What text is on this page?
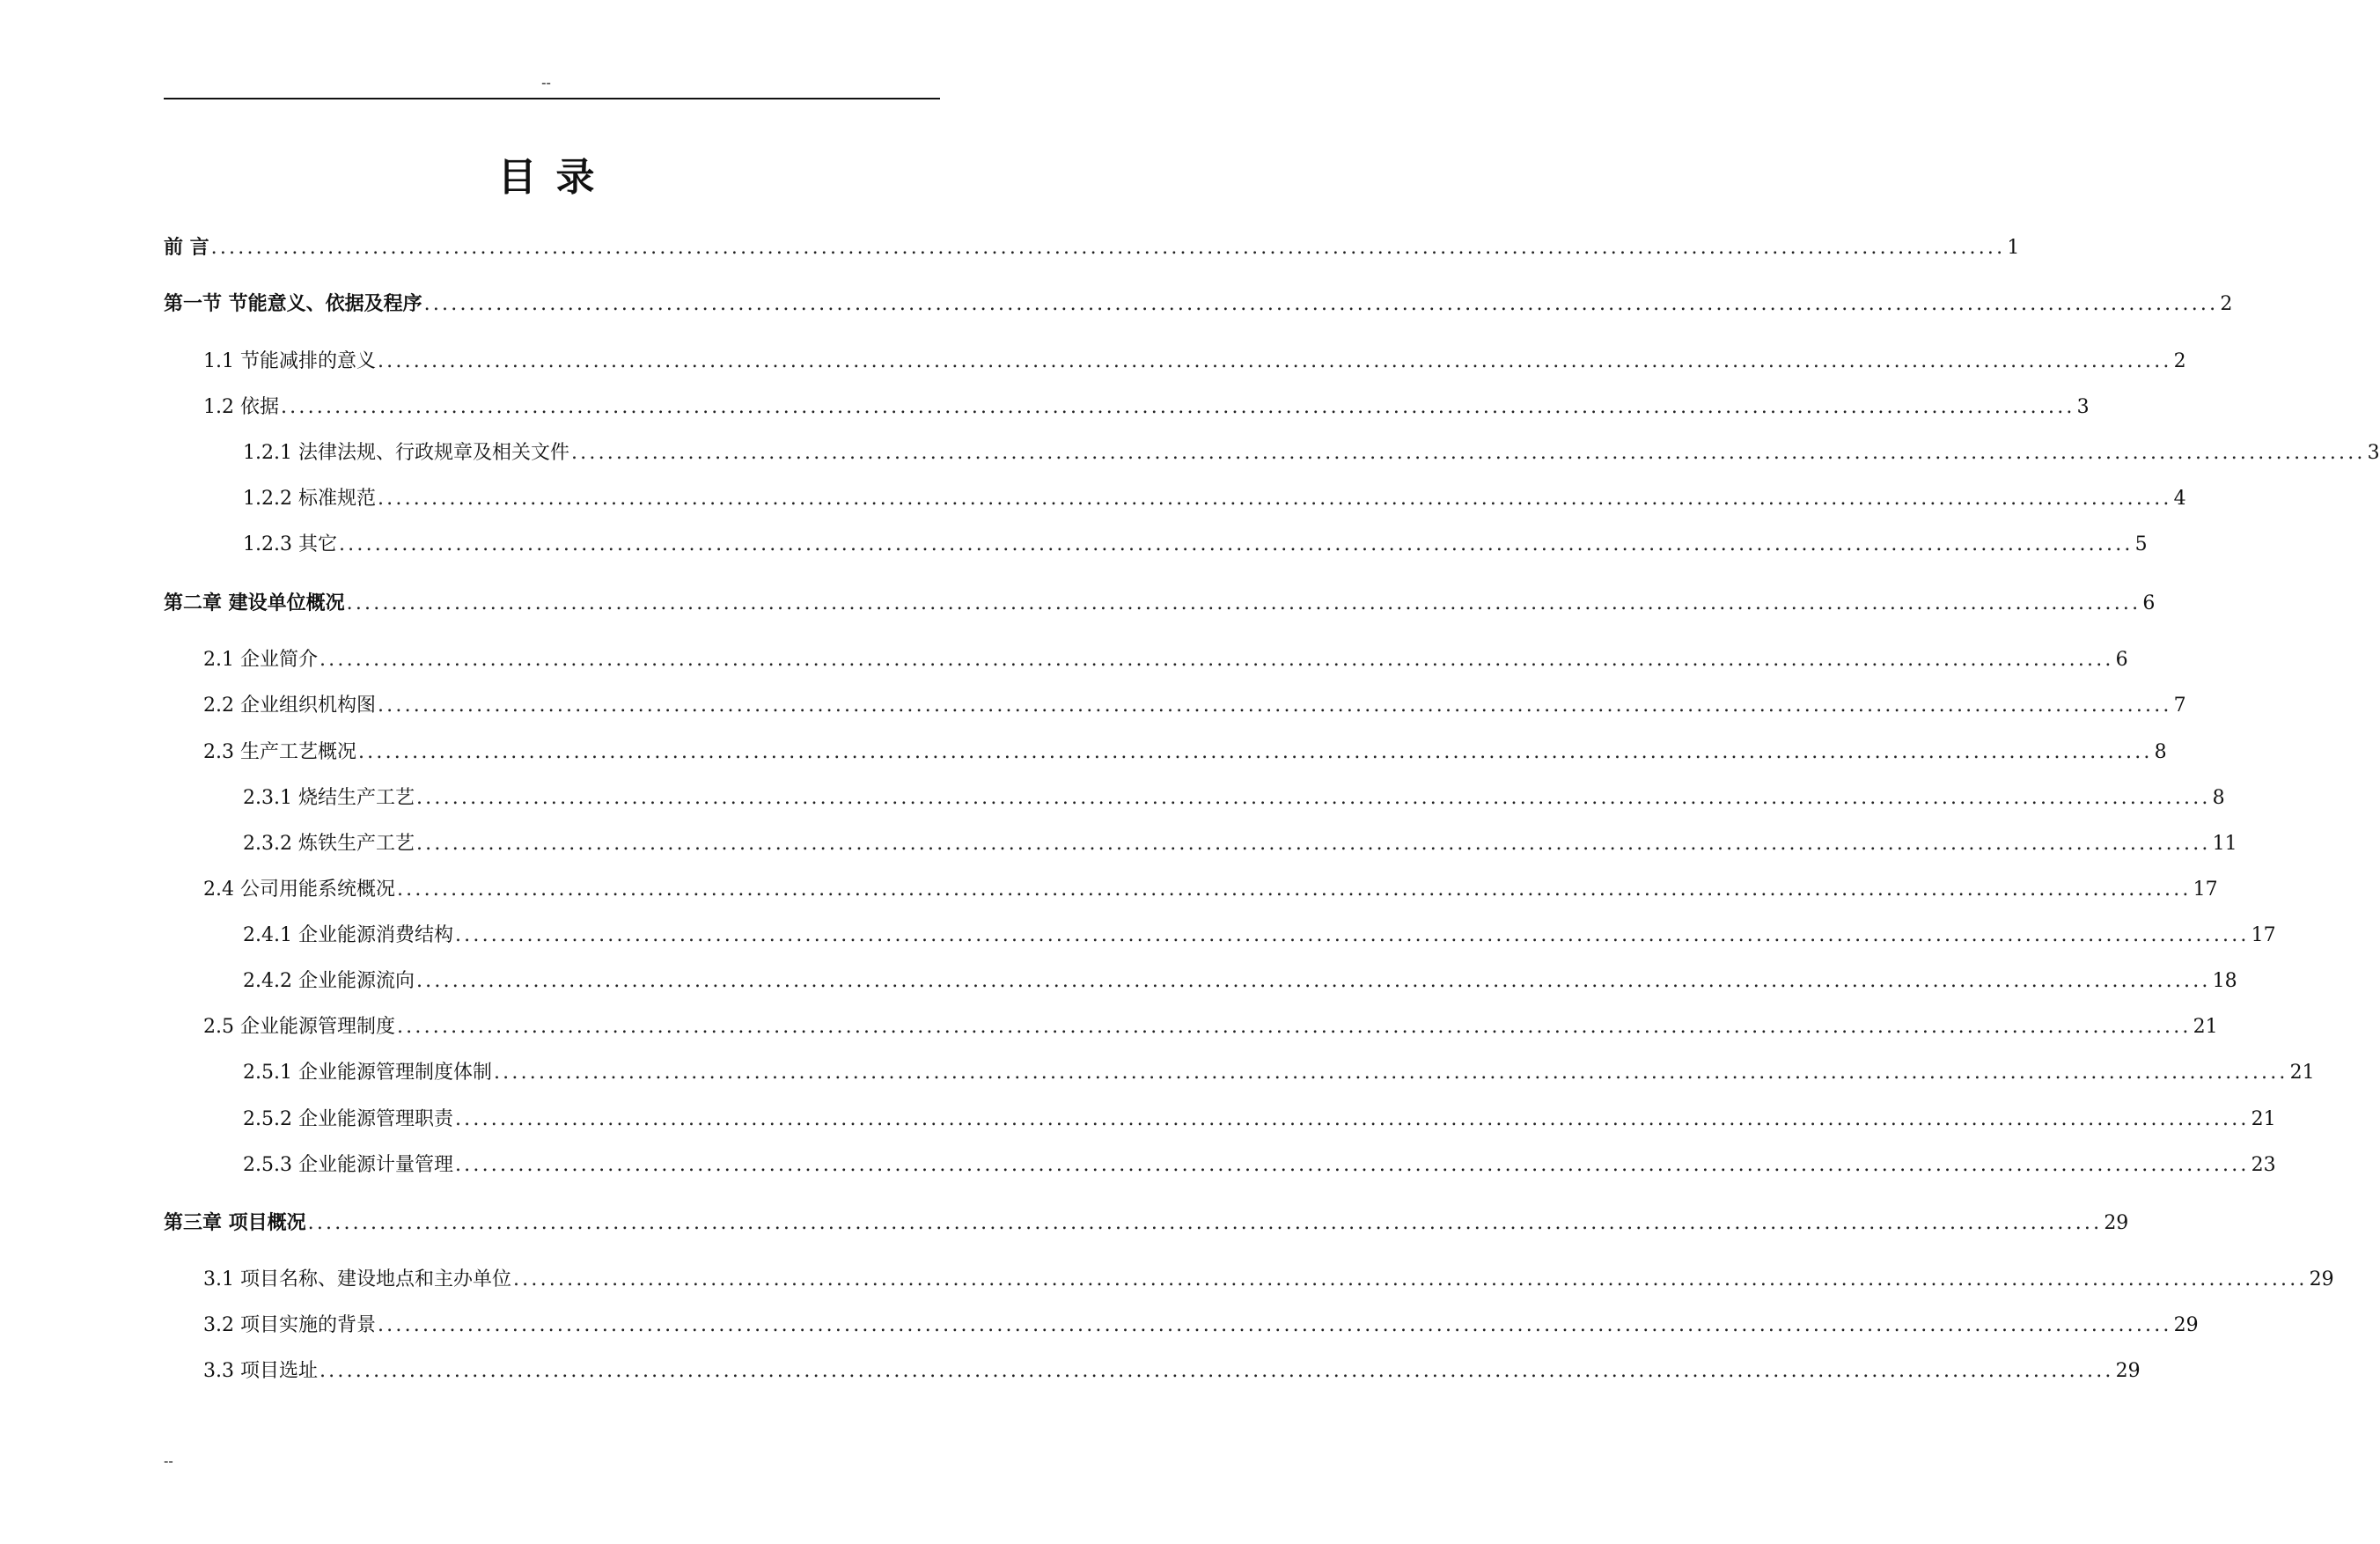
--
目录
前 言 ........................................................................................................................................................................................................ 1
第一节 节能意义、依据及程序 ........................................................................................................................................................................................................ 2
1.1 节能减排的意义 ........................................................................................................................................................................................................ 2
1.2 依据 ........................................................................................................................................................................................................ 3
1.2.1 法律法规、行政规章及相关文件 ........................................................................................................................................................................................................ 3
1.2.2 标准规范 ........................................................................................................................................................................................................ 4
1.2.3 其它 ........................................................................................................................................................................................................ 5
第二章 建设单位概况 ........................................................................................................................................................................................................ 6
2.1 企业简介 ........................................................................................................................................................................................................ 6
2.2 企业组织机构图 ........................................................................................................................................................................................................ 7
2.3 生产工艺概况 ........................................................................................................................................................................................................ 8
2.3.1 烧结生产工艺 ........................................................................................................................................................................................................ 8
2.3.2 炼铁生产工艺 ........................................................................................................................................................................................................ 11
2.4 公司用能系统概况 ........................................................................................................................................................................................................ 17
2.4.1 企业能源消费结构 ........................................................................................................................................................................................................ 17
2.4.2 企业能源流向 ........................................................................................................................................................................................................ 18
2.5 企业能源管理制度 ........................................................................................................................................................................................................ 21
2.5.1 企业能源管理制度体制 ........................................................................................................................................................................................................ 21
2.5.2 企业能源管理职责 ........................................................................................................................................................................................................ 21
2.5.3 企业能源计量管理 ........................................................................................................................................................................................................ 23
第三章 项目概况 ........................................................................................................................................................................................................ 29
3.1 项目名称、建设地点和主办单位 ........................................................................................................................................................................................................ 29
3.2 项目实施的背景 ........................................................................................................................................................................................................ 29
3.3 项目选址 ........................................................................................................................................................................................................ 29
--
